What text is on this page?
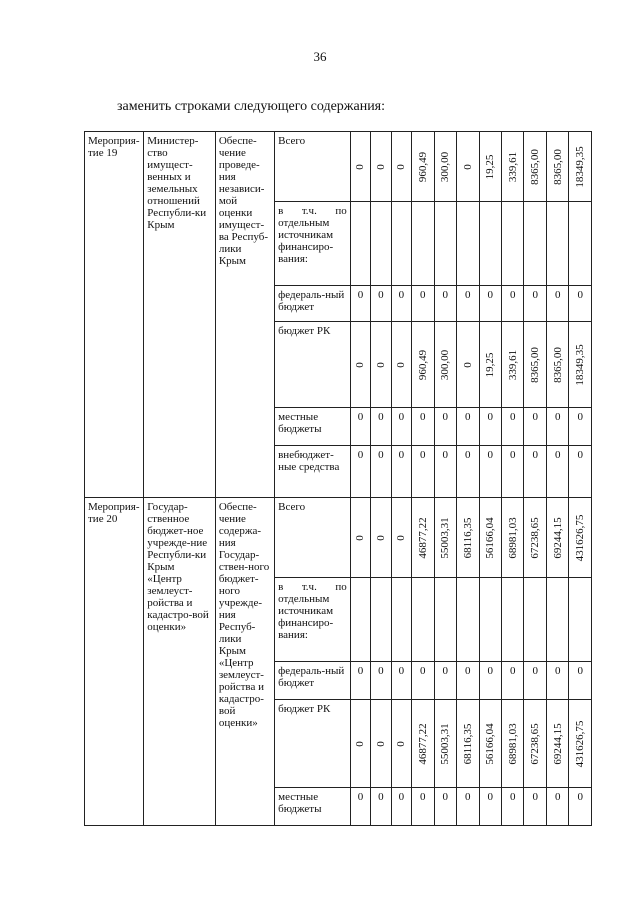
36
заменить строками следующего содержания:
Мероприя-тие 19	Министер-ство имущест-венных и земельных отношений Республи-ки Крым	Обеспе-чение проведе-ния независи-мой оценки имущест-ва Респуб-лики Крым	Всего	0	0	0	960,49	300,00	0	19,25	339,61	8365,00	8365,00	18349,35

			в т.ч. по отдельным источникам финансиро-вания:											
			федераль-ный бюджет	0	0	0	0	0	0	0	0	0	0	0
			бюджет РК	0	0	0	960,49	300,00	0	19,25	339,61	8365,00	8365,00	18349,35

			местные бюджеты	0	0	0	0	0	0	0	0	0	0	0
			внебюджет-ные средства	0	0	0	0	0	0	0	0	0	0	0
Мероприя-тие 20	Государ-ственное бюджет-ное учрежде-ние Республи-ки Крым «Центр землеуст-ройства и кадастро-вой оценки»	Обеспе-чение содержа-ния Государ-ствен-ного бюджет-ного учрежде-ния Респуб-лики Крым «Центр землеуст-ройства и кадастро-вой оценки»	Всего	0	0	0	46877,22	55003,31	68116,35	56166,04	68981,03	67238,65	69244,15	431626,75

			в т.ч. по отдельным источникам финансиро-вания:											
			федераль-ный бюджет	0	0	0	0	0	0	0	0	0	0	0
			бюджет РК	0	0	0	46877,22	55003,31	68116,35	56166,04	68981,03	67238,65	69244,15	431626,75

			местные бюджеты	0	0	0	0	0	0	0	0	0	0	0
